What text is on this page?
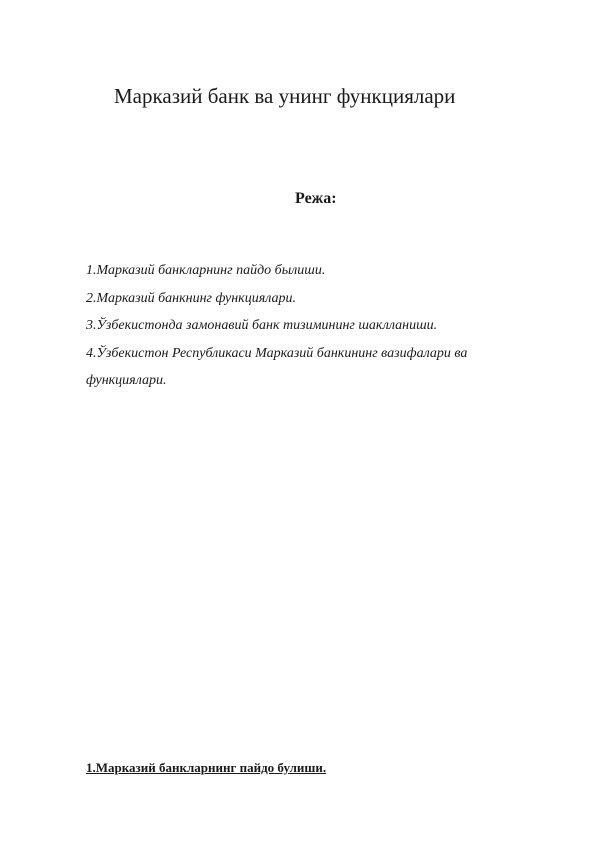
Марказий банк ва унинг функциялари
Режа:
1.Марказий банкларнинг пайдо былиши.
2.Марказий банкнинг функциялари.
3.Ўзбекистонда замонавий банк тизимининг шаклланиши.
4.Ўзбекистон Республикаси Марказий банкининг вазифалари ва функциялари.
1.Марказий банкларнинг пайдо булиши.
